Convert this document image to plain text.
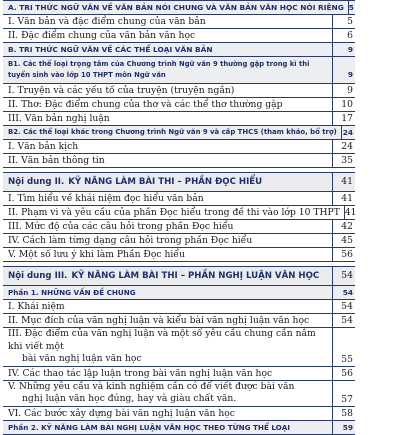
A. TRI THỨC NGỮ VĂN VỀ VĂN BẢN NÓI CHUNG VÀ VĂN BẢN VĂN HỌC NÓI RIÊNG 5
I. Văn bản và đặc điểm chung của văn bản	5
II. Đặc điểm chung của văn bản văn học	6
B. TRI THỨC NGỮ VĂN VỀ CÁC THỂ LOẠI VĂN BẢN	9
B1. Các thể loại trọng tâm của Chương trình Ngữ văn 9 thường gặp trong kì thi tuyển sinh vào lớp 10 THPT môn Ngữ văn	9
I. Truyện và các yếu tố của truyện (truyện ngắn)	9
II. Thơ: Đặc điểm chung của thơ và các thể thơ thường gặp	10
III. Văn bản nghị luận	17
B2. Các thể loại khác trong Chương trình Ngữ văn 9 và cấp THCS (tham khảo, bổ trợ) 24
I. Văn bản kịch	24
II. Văn bản thông tin	35
Nội dung II. KỸ NĂNG LÀM BÀI THI – PHẦN ĐỌC HIỂU	41
I. Tìm hiểu về khái niệm đọc hiểu văn bản	41
II. Phạm vi và yêu cầu của phần Đọc hiểu trong đề thi vào lớp 10 THPT 41
III. Mức độ của các câu hỏi trong phần Đọc hiểu	42
IV. Cách làm từng dạng câu hỏi trong phần Đọc hiểu	45
V. Một số lưu ý khi làm Phần Đọc hiểu	56
Nội dung III. KỸ NĂNG LÀM BÀI THI – PHẦN NGHỊ LUẬN VĂN HỌC	54
Phần 1. NHỮNG VẤN ĐỀ CHUNG	54
I. Khái niệm	54
II. Mục đích của văn nghị luận và kiểu bài văn nghị luận văn học	54
III. Đặc điểm của văn nghị luận và một số yêu cầu chung cần nắm khi viết một
bài văn nghị luận văn học	55
IV. Các thao tác lập luận trong bài văn nghị luận văn học	56
V. Những yêu cầu và kinh nghiệm cần có để viết được bài văn
nghị luận văn học đúng, hay và giàu chất văn.	57
VI. Các bước xây dựng bài văn nghị luận văn học	58
Phần 2. KỸ NĂNG LÀM BÀI NGHỊ LUẬN VĂN HỌC THEO TỪNG THỂ LOẠI	59
